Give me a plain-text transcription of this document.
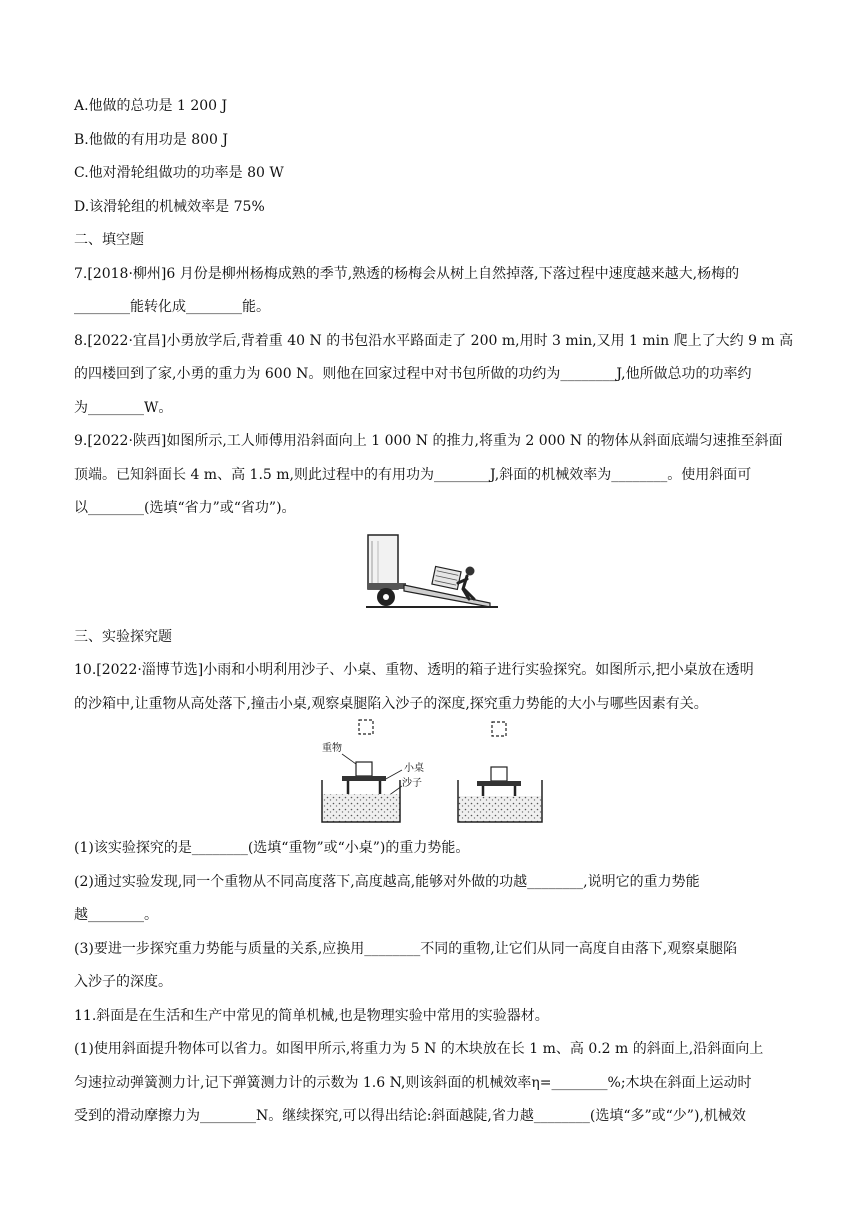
A.他做的总功是 1 200 J
B.他做的有用功是 800 J
C.他对滑轮组做功的功率是 80 W
D.该滑轮组的机械效率是 75%
二、填空题
7.[2018·柳州]6 月份是柳州杨梅成熟的季节,熟透的杨梅会从树上自然掉落,下落过程中速度越来越大,杨梅的
________能转化成________能。
8.[2022·宜昌]小勇放学后,背着重 40 N 的书包沿水平路面走了 200 m,用时 3 min,又用 1 min 爬上了大约 9 m 高
的四楼回到了家,小勇的重力为 600 N。则他在回家过程中对书包所做的功约为________J,他所做总功的功率约
为________W。
9.[2022·陕西]如图所示,工人师傅用沿斜面向上 1 000 N 的推力,将重为 2 000 N 的物体从斜面底端匀速推至斜面
顶端。已知斜面长 4 m、高 1.5 m,则此过程中的有用功为________J,斜面的机械效率为________。使用斜面可
以________(选填“省力”或“省功”)。
三、实验探究题
10.[2022·淄博节选]小雨和小明利用沙子、小桌、重物、透明的箱子进行实验探究。如图所示,把小桌放在透明
的沙箱中,让重物从高处落下,撞击小桌,观察桌腿陷入沙子的深度,探究重力势能的大小与哪些因素有关。
重物
小桌
沙子
(1)该实验探究的是________(选填“重物”或“小桌”)的重力势能。
(2)通过实验发现,同一个重物从不同高度落下,高度越高,能够对外做的功越________,说明它的重力势能
越________。
(3)要进一步探究重力势能与质量的关系,应换用________不同的重物,让它们从同一高度自由落下,观察桌腿陷
入沙子的深度。
11.斜面是在生活和生产中常见的简单机械,也是物理实验中常用的实验器材。
(1)使用斜面提升物体可以省力。如图甲所示,将重力为 5 N 的木块放在长 1 m、高 0.2 m 的斜面上,沿斜面向上
匀速拉动弹簧测力计,记下弹簧测力计的示数为 1.6 N,则该斜面的机械效率η=________%;木块在斜面上运动时
受到的滑动摩擦力为________N。继续探究,可以得出结论:斜面越陡,省力越________(选填“多”或“少”),机械效
